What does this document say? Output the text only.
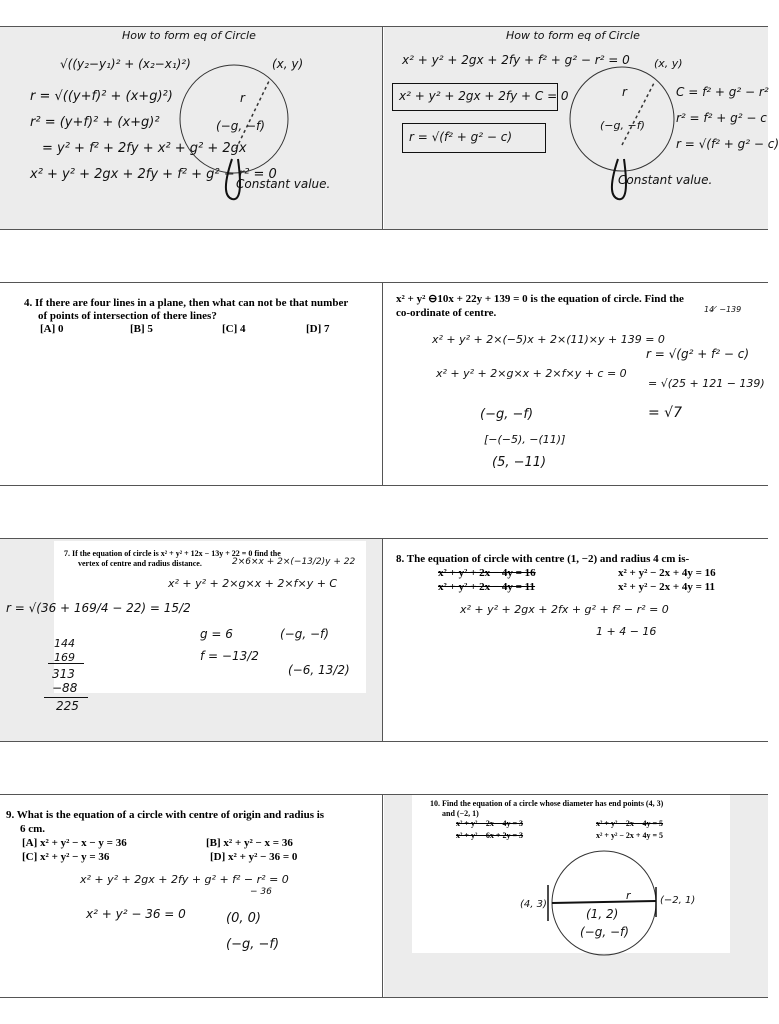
How to form eq of Circle
√((y₂−y₁)² + (x₂−x₁)²)
r = √((y+f)² + (x+g)²)
r² = (y+f)² + (x+g)²
= y² + f² + 2fy + x² + g² + 2gx
x² + y² + 2gx + 2fy + f² + g² − r² = 0
(x, y)
r
(−g, −f)
Constant value.
How to form eq of Circle
x² + y² + 2gx + 2fy + f² + g² − r² = 0
x² + y² + 2gx + 2fy + C = 0
r = √(f² + g² − c)
(x, y)
r
(−g, −f)
Constant value.
C = f² + g² − r²
r² = f² + g² − c
r = √(f² + g² − c)
4. If there are four lines in a plane, then what can not be that number
of points of intersection of there lines?
[A] 0	[B] 5	[C] 4	[D] 7
x² + y² ⊖10x + 22y + 139 = 0 is the equation of circle. Find the
co-ordinate of centre.	14 ̸ −139
x² + y² + 2×(−5)x + 2×(11)×y + 139 = 0
x² + y² + 2×g×x + 2×f×y + c = 0
(−g, −f)
[−(−5), −(11)]
(5, −11)
r = √(g² + f² − c)
= √(25 + 121 − 139)
= √7
7. If the equation of circle is x² + y² + 12x − 13y + 22 = 0 find the
vertex of centre and radius distance.	2×6×x + 2×(−13/2)y + 22
x² + y² + 2×g×x + 2×f×y + C
r = √(36 + 169/4 − 22) = 15/2
144
169
313
−88
225
g = 6
f = −13/2
(−g, −f)
(−6, 13/2)
8. The equation of circle with centre (1, −2) and radius 4 cm is-
x² + y² + 2x − 4y = 16	x² + y² − 2x + 4y = 16
x² + y² + 2x − 4y = 11	x² + y² − 2x + 4y = 11
x² + y² + 2gx + 2fx + g² + f² − r² = 0
1 + 4 − 16
9. What is the equation of a circle with centre of origin and radius is
6 cm.
[A] x² + y² − x − y = 36	[B] x² + y² − x = 36
[C] x² + y² − y = 36	[D] x² + y² − 36 = 0
x² + y² + 2gx + 2fy + g² + f² − r² = 0
− 36
x² + y² − 36 = 0	(0, 0)
(−g, −f)
10. Find the equation of a circle whose diameter has end points (4, 3)
and (−2, 1)
x² + y² − 2x − 4y = 3	x² + y² − 2x − 4y = 5
x² + y² − 6x + 2y = 3	x² + y² − 2x + 4y = 5
(4, 3)	(−2, 1)
r
(1, 2)
(−g, −f)
